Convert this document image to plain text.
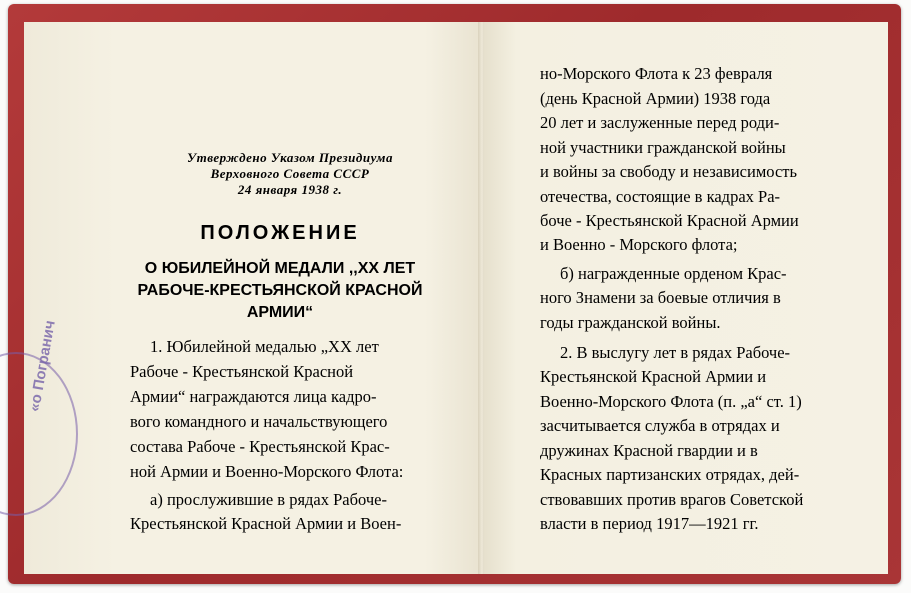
«о Погранич
Утверждено Указом Президиума
Верховного Совета СССР
24 января 1938 г.
ПОЛОЖЕНИЕ
О ЮБИЛЕЙНОЙ МЕДАЛИ ,,XX ЛЕТ
РАБОЧЕ-КРЕСТЬЯНСКОЙ КРАСНОЙ
АРМИИ“
1. Юбилейной медалью „XX лет
Рабоче - Крестьянской Красной
Армии“ награждаются лица кадро-
вого командного и начальствующего
состава Рабоче - Крестьянской Крас-
ной Армии и Военно-Морского Флота:
а) прослужившие в рядах Рабоче-
Крестьянской Красной Армии и Воен-
но-Морского Флота к 23 февраля
(день Красной Армии) 1938 года
20 лет и заслуженные перед роди-
ной участники гражданской войны
и войны за свободу и независимость
отечества, состоящие в кадрах Ра-
боче - Крестьянской Красной Армии
и Военно - Морского флота;
б) награжденные орденом Крас-
ного Знамени за боевые отличия в
годы гражданской войны.
2. В выслугу лет в рядах Рабоче-
Крестьянской Красной Армии и
Военно-Морского Флота (п. „а“ ст. 1)
засчитывается служба в отрядах и
дружинах Красной гвардии и в
Красных партизанских отрядах, дей-
ствовавших против врагов Советской
власти в период 1917—1921 гг.
